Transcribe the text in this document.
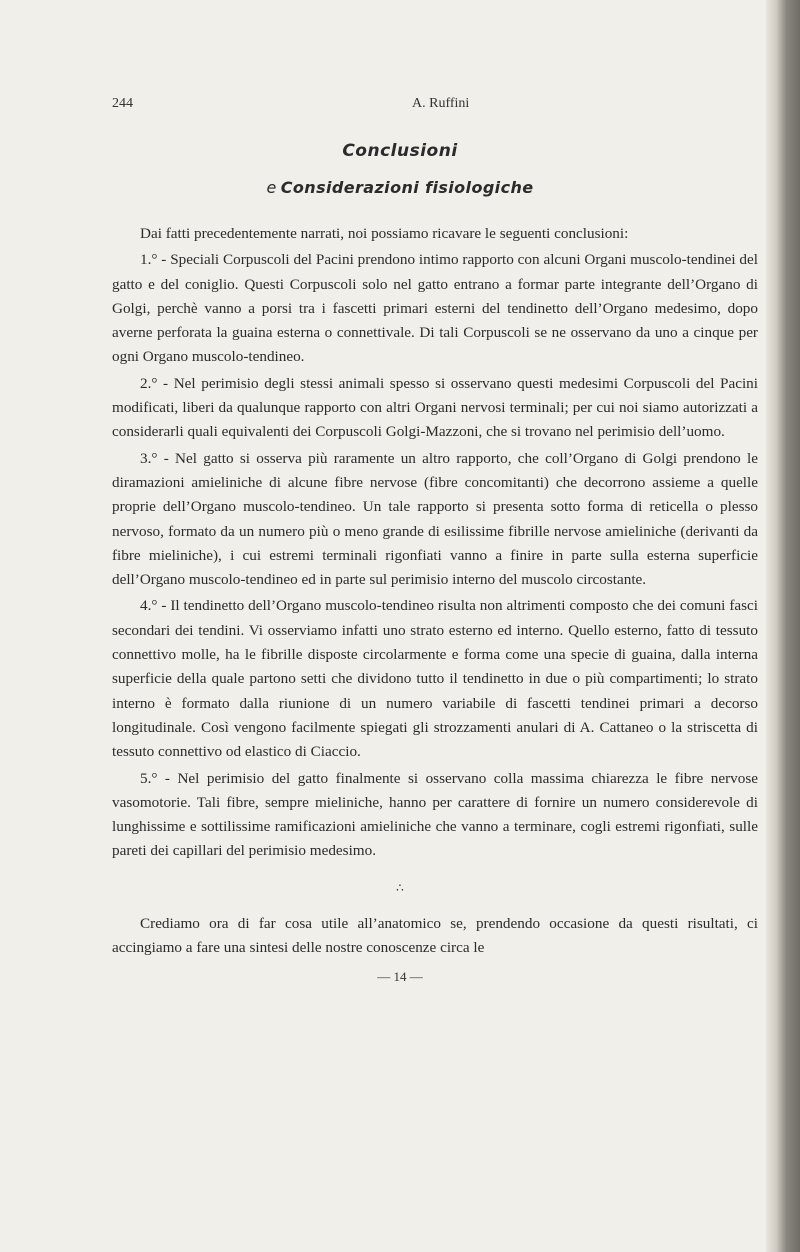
244	A. Ruffini
Conclusioni
e Considerazioni fisiologiche

Dai fatti precedentemente narrati, noi possiamo ricavare le seguenti conclusioni:

1.° - Speciali Corpuscoli del Pacini prendono intimo rapporto con alcuni Organi muscolo-tendinei del gatto e del coniglio. Questi Corpuscoli solo nel gatto entrano a formar parte integrante dell’Organo di Golgi, perchè vanno a porsi tra i fascetti primari esterni del tendinetto dell’Organo medesimo, dopo averne perforata la guaina esterna o connettivale. Di tali Corpuscoli se ne osservano da uno a cinque per ogni Organo muscolo-tendineo.

2.° - Nel perimisio degli stessi animali spesso si osservano questi medesimi Corpuscoli del Pacini modificati, liberi da qualunque rapporto con altri Organi nervosi terminali; per cui noi siamo autorizzati a considerarli quali equivalenti dei Corpuscoli Golgi-Mazzoni, che si trovano nel perimisio dell’uomo.

3.° - Nel gatto si osserva più raramente un altro rapporto, che coll’Organo di Golgi prendono le diramazioni amieliniche di alcune fibre nervose (fibre concomitanti) che decorrono assieme a quelle proprie dell’Organo muscolo-tendineo. Un tale rapporto si presenta sotto forma di reticella o plesso nervoso, formato da un numero più o meno grande di esilissime fibrille nervose amieliniche (derivanti da fibre mieliniche), i cui estremi terminali rigonfiati vanno a finire in parte sulla esterna superficie dell’Organo muscolo-tendineo ed in parte sul perimisio interno del muscolo circostante.

4.° - Il tendinetto dell’Organo muscolo-tendineo risulta non altrimenti composto che dei comuni fasci secondari dei tendini. Vi osserviamo infatti uno strato esterno ed interno. Quello esterno, fatto di tessuto connettivo molle, ha le fibrille disposte circolarmente e forma come una specie di guaina, dalla interna superficie della quale partono setti che dividono tutto il tendinetto in due o più compartimenti; lo strato interno è formato dalla riunione di un numero variabile di fascetti tendinei primari a decorso longitudinale. Così vengono facilmente spiegati gli strozzamenti anulari di A. Cattaneo o la striscetta di tessuto connettivo od elastico di Ciaccio.

5.° - Nel perimisio del gatto finalmente si osservano colla massima chiarezza le fibre nervose vasomotorie. Tali fibre, sempre mieliniche, hanno per carattere di fornire un numero considerevole di lunghissime e sottilissime ramificazioni amieliniche che vanno a terminare, cogli estremi rigonfiati, sulle pareti dei capillari del perimisio medesimo.

∴

Crediamo ora di far cosa utile all’anatomico se, prendendo occasione da questi risultati, ci accingiamo a fare una sintesi delle nostre conoscenze circa le

— 14 —
